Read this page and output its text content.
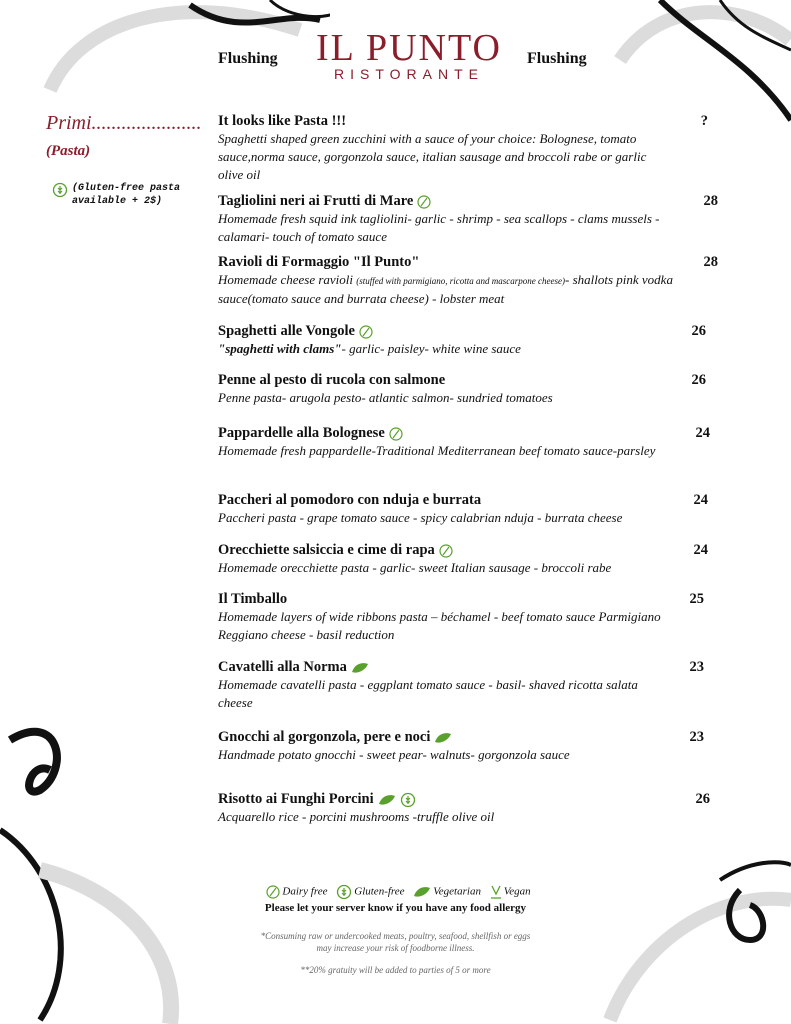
Flushing	IL PUNTO
RISTORANTE
Flushing
Primi......................
(Pasta)
(Gluten-free pasta available + 2$)
It looks like Pasta !!!	?
Spaghetti shaped green zucchini with a sauce of your choice: Bolognese, tomato sauce,norma sauce, gorgonzola sauce, italian sausage and broccoli rabe or garlic olive oil
Tagliolini neri ai Frutti di Mare	28
Homemade fresh squid ink tagliolini- garlic - shrimp - sea scallops - clams mussels - calamari- touch of tomato sauce
Ravioli di Formaggio "Il Punto"	28
Homemade cheese ravioli (stuffed with parmigiano, ricotta and mascarpone cheese)- shallots pink vodka sauce(tomato sauce and burrata cheese) - lobster meat
Spaghetti alle Vongole	26
"spaghetti with clams"- garlic- paisley- white wine sauce
Penne al pesto di rucola con salmone	26
Penne pasta- arugola pesto- atlantic salmon- sundried tomatoes
Pappardelle alla Bolognese	24
Homemade fresh pappardelle-Traditional Mediterranean beef tomato sauce-parsley
Paccheri al pomodoro con nduja e burrata	24
Paccheri pasta - grape tomato sauce - spicy calabrian nduja - burrata cheese
Orecchiette salsiccia e cime di rapa	24
Homemade orecchiette pasta - garlic- sweet Italian sausage - broccoli rabe
Il Timballo	25
Homemade layers of wide ribbons pasta – béchamel - beef tomato sauce Parmigiano Reggiano cheese - basil reduction
Cavatelli alla Norma	23
Homemade cavatelli pasta - eggplant tomato sauce - basil- shaved ricotta salata cheese
Gnocchi al gorgonzola, pere e noci	23
Handmade potato gnocchi - sweet pear- walnuts- gorgonzola sauce
Risotto ai Funghi Porcini	26
Acquarello rice - porcini mushrooms -truffle olive oil
Dairy free Gluten-free	Vegetarian Vegan
Please let your server know if you have any food allergy
*Consuming raw or undercooked meats, poultry, seafood, shellfish or eggs
may increase your risk of foodborne illness.
**20% gratuity will be added to parties of 5 or more
